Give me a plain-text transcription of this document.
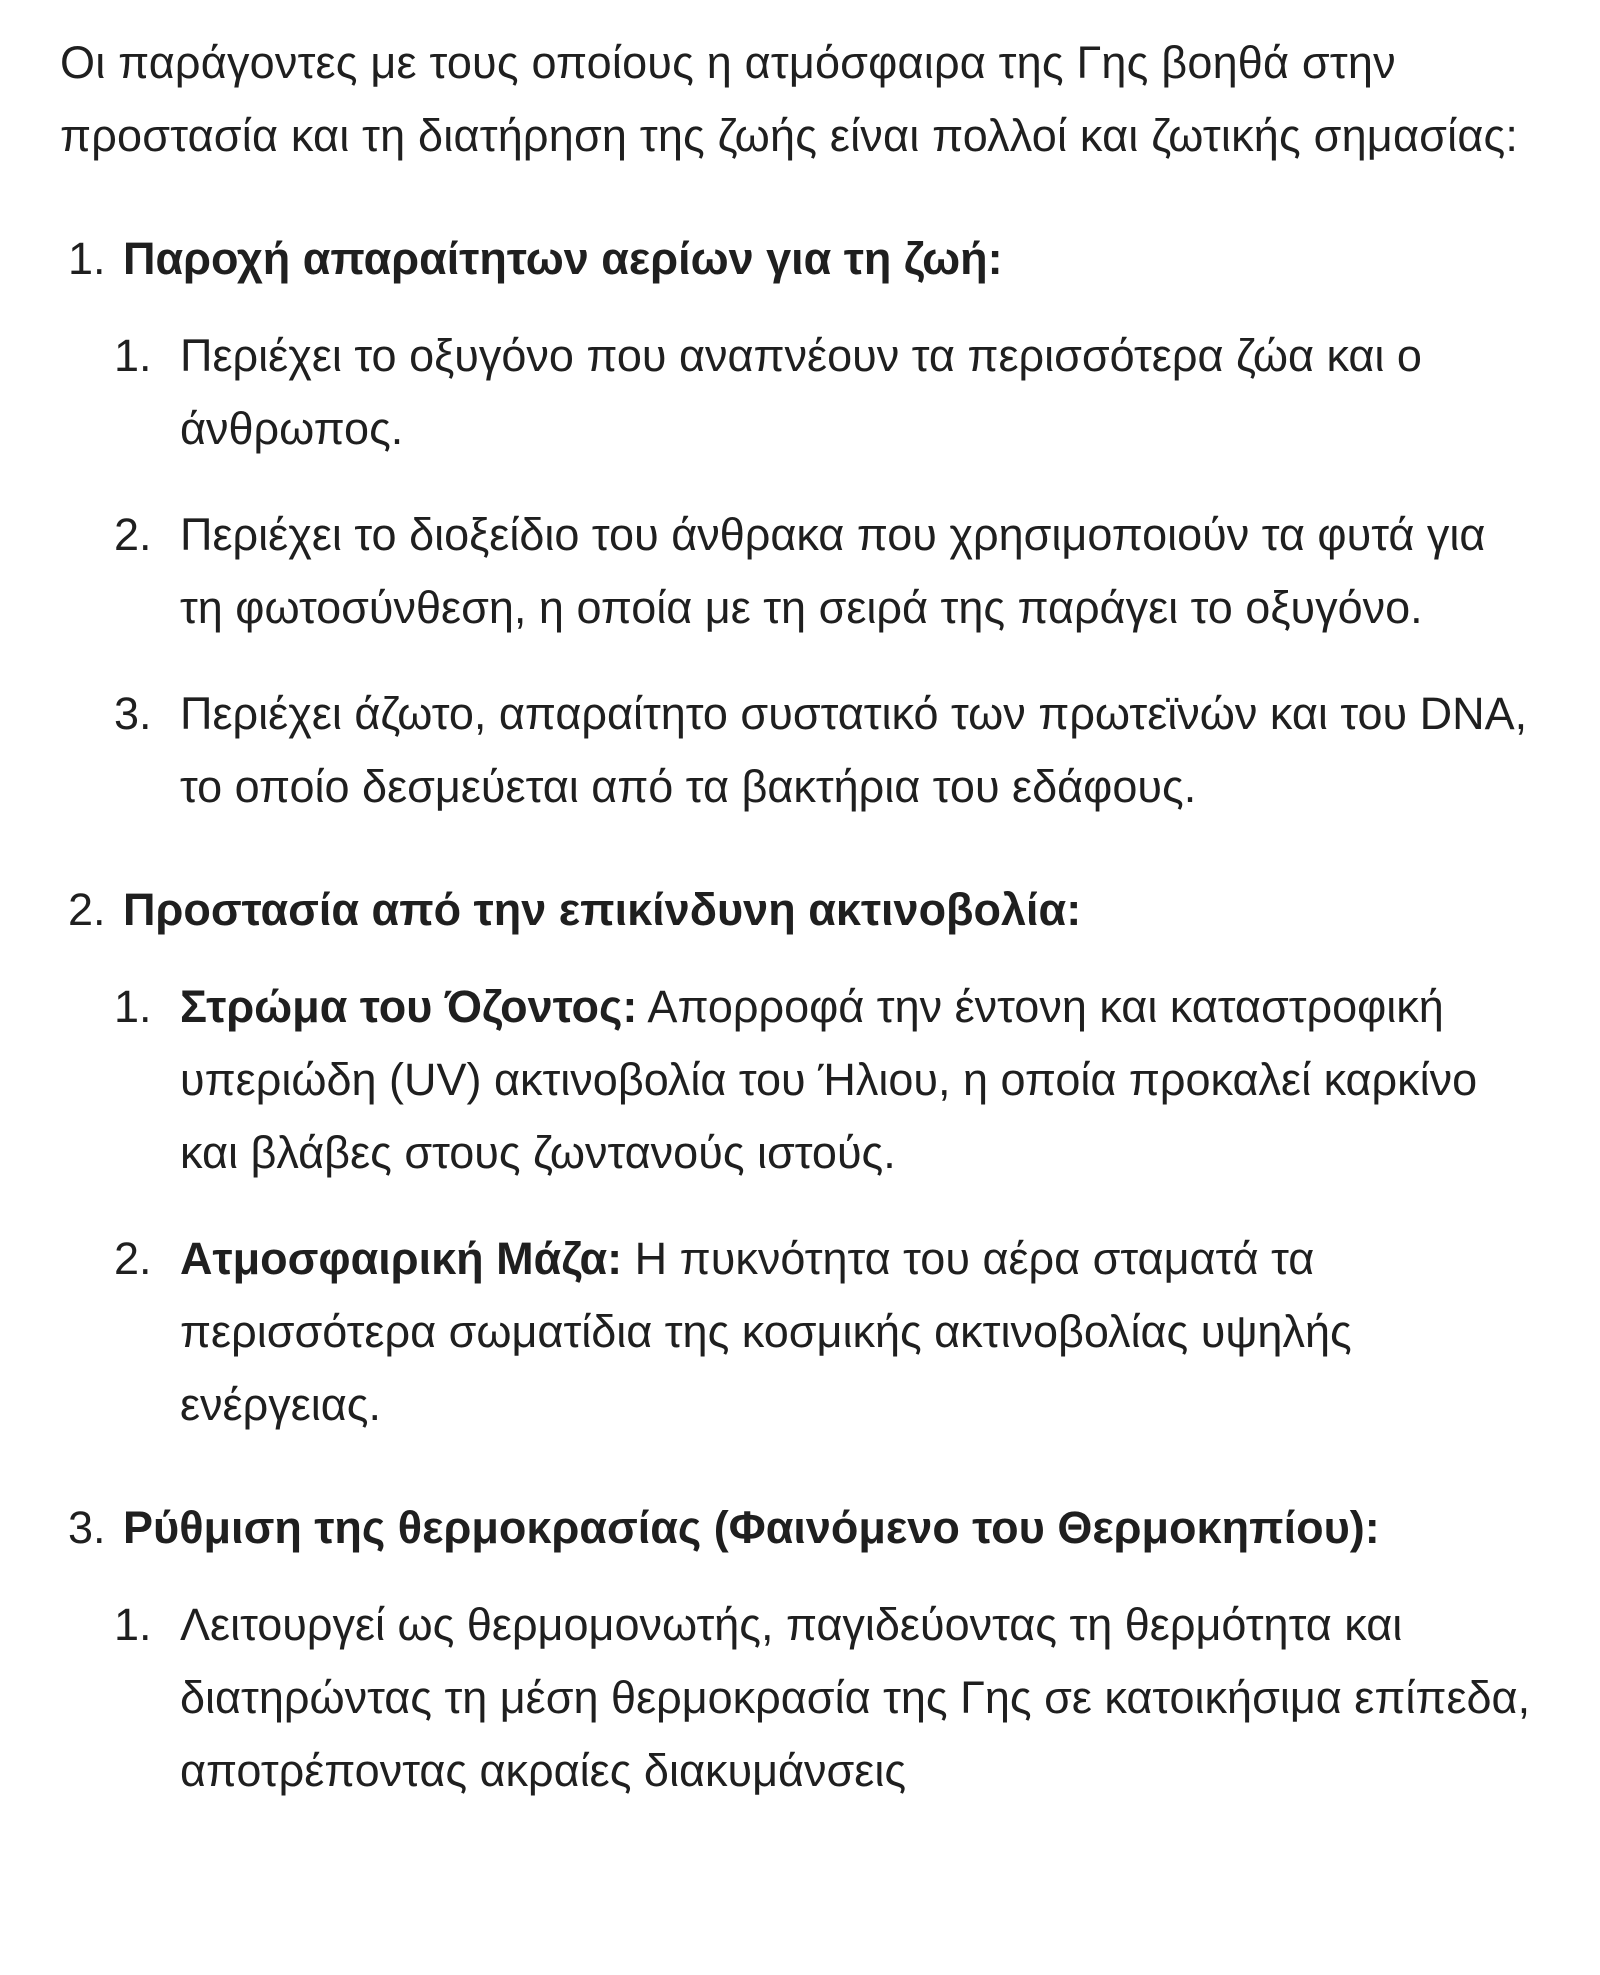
Οι παράγοντες με τους οποίους η ατμόσφαιρα της Γης βοηθά στην προστασία και τη διατήρηση της ζωής είναι πολλοί και ζωτικής σημασίας:

1. Παροχή απαραίτητων αερίων για τη ζωή:
1. Περιέχει το οξυγόνο που αναπνέουν τα περισσότερα ζώα και ο άνθρωπος.
2. Περιέχει το διοξείδιο του άνθρακα που χρησιμοποιούν τα φυτά για τη φωτοσύνθεση, η οποία με τη σειρά της παράγει το οξυγόνο.
3. Περιέχει άζωτο, απαραίτητο συστατικό των πρωτεϊνών και του DNA, το οποίο δεσμεύεται από τα βακτήρια του εδάφους.
2. Προστασία από την επικίνδυνη ακτινοβολία:
1. Στρώμα του Όζοντος: Απορροφά την έντονη και καταστροφική υπεριώδη (UV) ακτινοβολία του Ήλιου, η οποία προκαλεί καρκίνο και βλάβες στους ζωντανούς ιστούς.
2. Ατμοσφαιρική Μάζα: Η πυκνότητα του αέρα σταματά τα περισσότερα σωματίδια της κοσμικής ακτινοβολίας υψηλής ενέργειας.
3. Ρύθμιση της θερμοκρασίας (Φαινόμενο του Θερμοκηπίου):
1. Λειτουργεί ως θερμομονωτής, παγιδεύοντας τη θερμότητα και διατηρώντας τη μέση θερμοκρασία της Γης σε κατοικήσιμα επίπεδα, αποτρέποντας ακραίες διακυμάνσεις
